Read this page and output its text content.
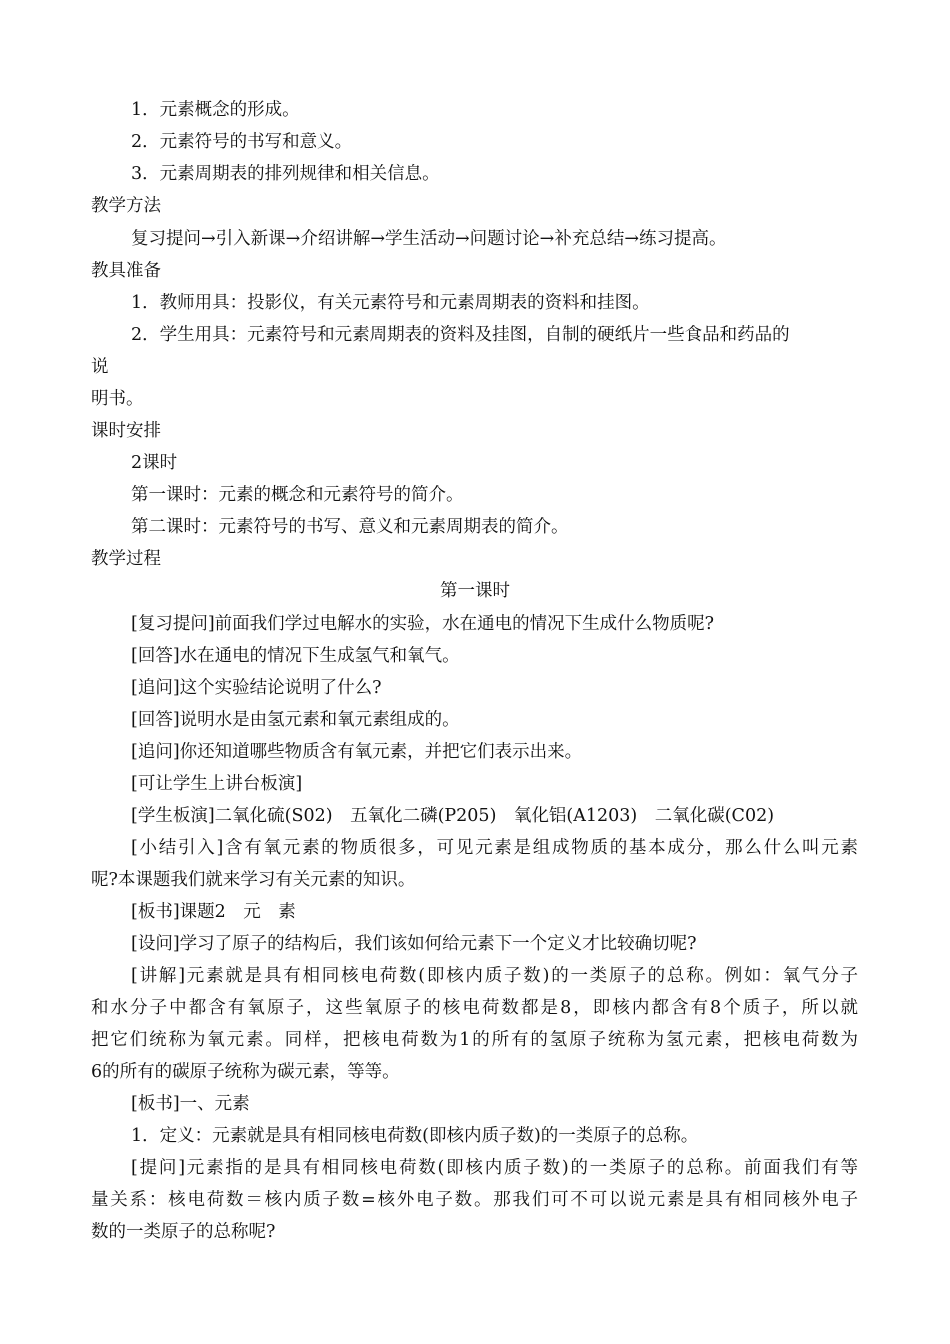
1．元素概念的形成。
2．元素符号的书写和意义。
3．元素周期表的排列规律和相关信息。
教学方法
复习提问→引入新课→介绍讲解→学生活动→问题讨论→补充总结→练习提高。
教具准备
1．教师用具：投影仪，有关元素符号和元素周期表的资料和挂图。
2．学生用具：元素符号和元素周期表的资料及挂图，自制的硬纸片一些食品和药品的
说
明书。
课时安排
2课时
第一课时：元素的概念和元素符号的简介。
第二课时：元素符号的书写、意义和元素周期表的简介。
教学过程
第一课时
[复习提问]前面我们学过电解水的实验，水在通电的情况下生成什么物质呢?
[回答]水在通电的情况下生成氢气和氧气。
[追问]这个实验结论说明了什么?
[回答]说明水是由氢元素和氧元素组成的。
[追问]你还知道哪些物质含有氧元素，并把它们表示出来。
[可让学生上讲台板演]
[学生板演]二氧化硫(S02)　五氧化二磷(P205)　氧化铝(A1203)　二氧化碳(C02)
[小结引入]含有氧元素的物质很多，可见元素是组成物质的基本成分，那么什么叫元素
呢?本课题我们就来学习有关元素的知识。
[板书]课题2　元　素
[设问]学习了原子的结构后，我们该如何给元素下一个定义才比较确切呢?
[讲解]元素就是具有相同核电荷数(即核内质子数)的一类原子的总称。例如：氧气分子
和水分子中都含有氧原子，这些氧原子的核电荷数都是8，即核内都含有8个质子，所以就
把它们统称为氧元素。同样，把核电荷数为1的所有的氢原子统称为氢元素，把核电荷数为
6的所有的碳原子统称为碳元素，等等。
[板书]一、元素
1．定义：元素就是具有相同核电荷数(即核内质子数)的一类原子的总称。
[提问]元素指的是具有相同核电荷数(即核内质子数)的一类原子的总称。前面我们有等
量关系：核电荷数＝核内质子数=核外电子数。那我们可不可以说元素是具有相同核外电子
数的一类原子的总称呢?
